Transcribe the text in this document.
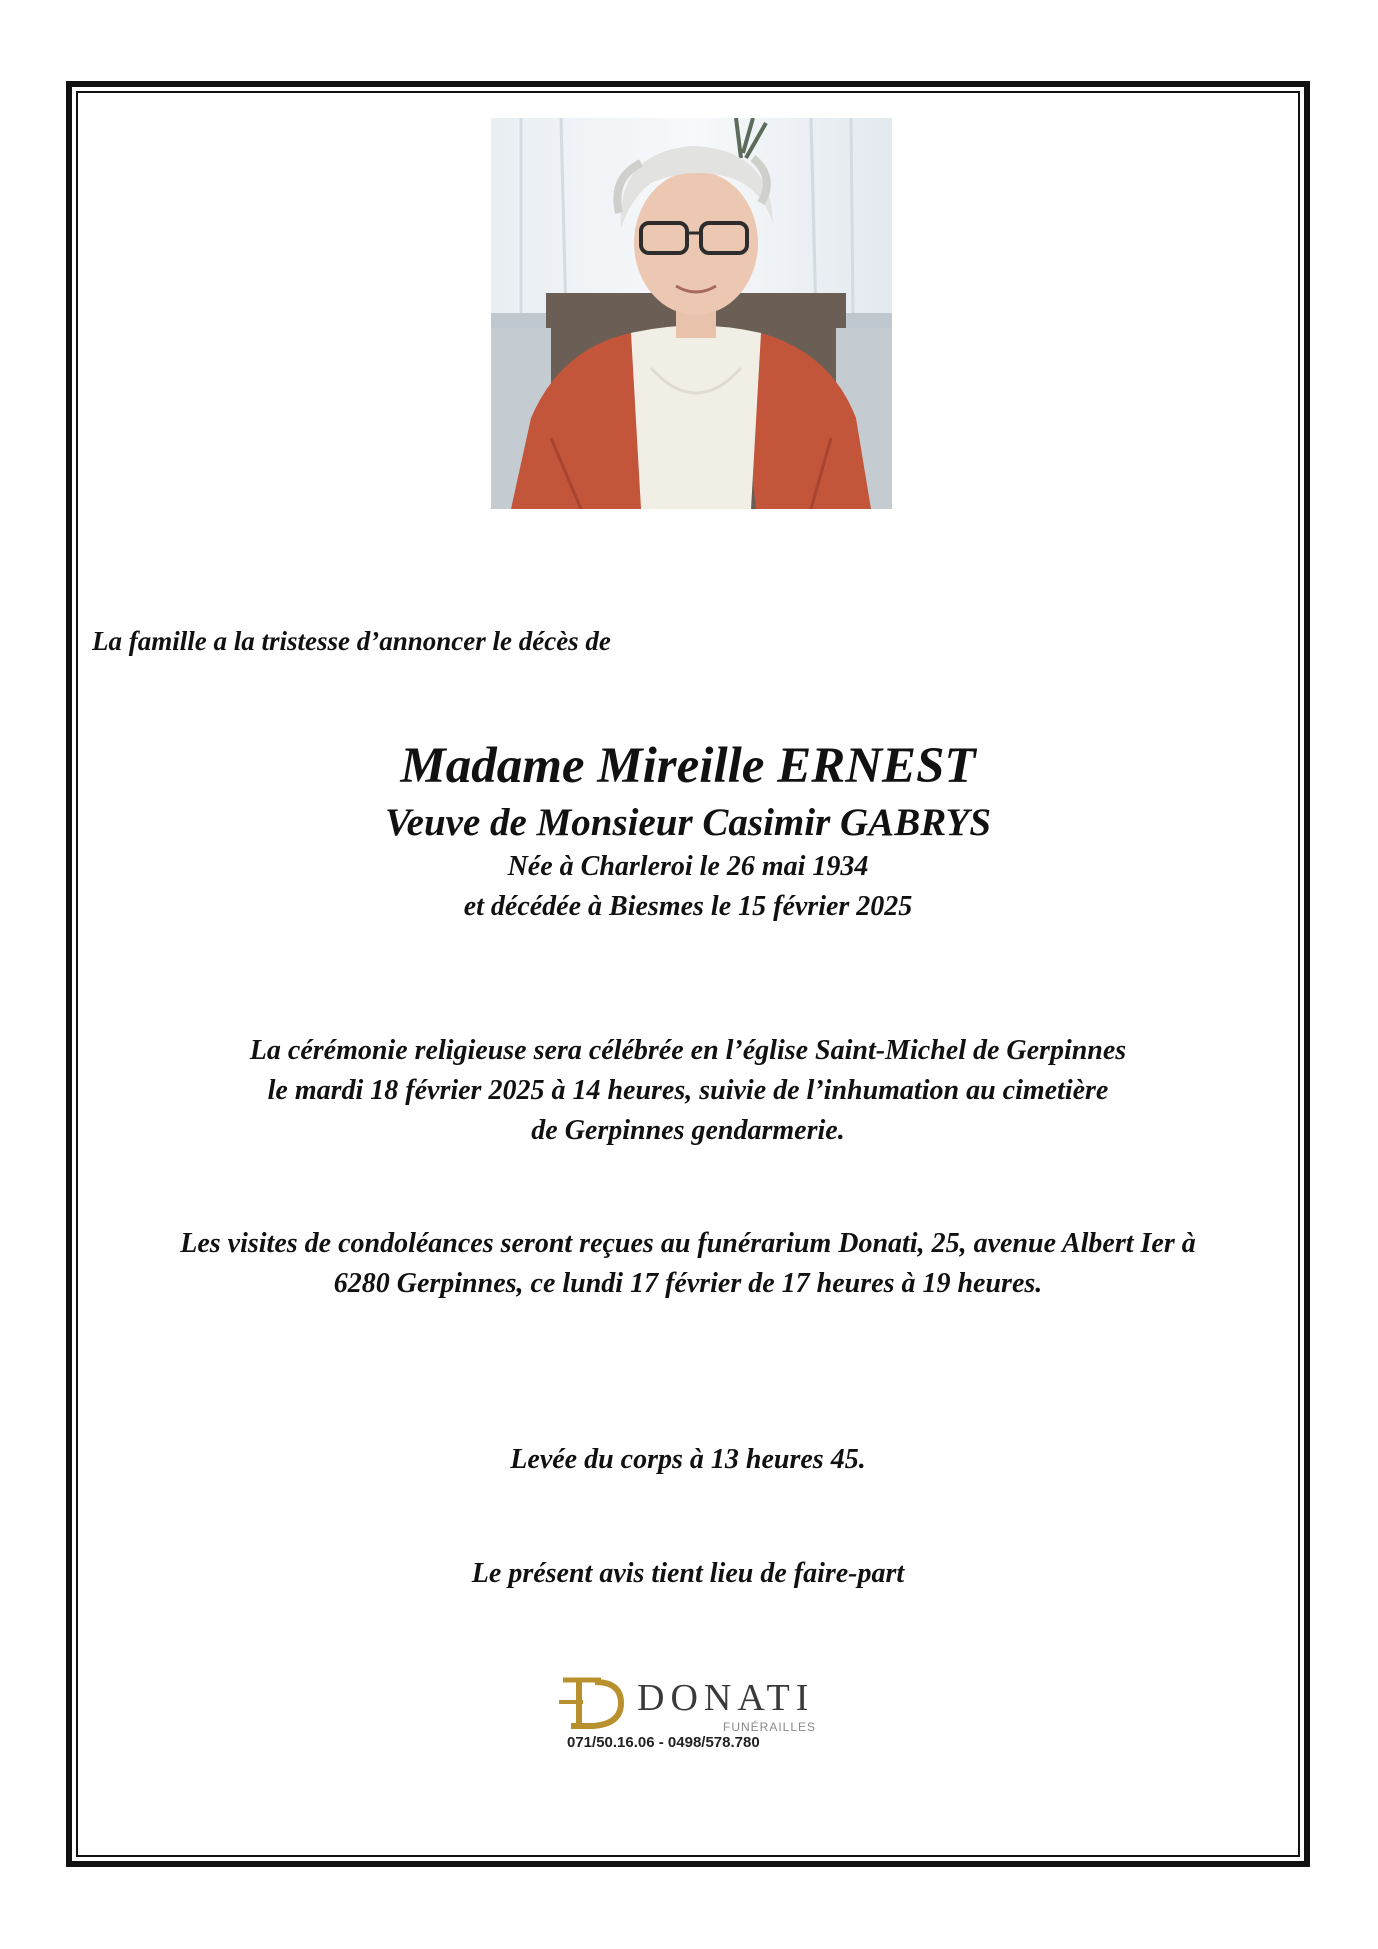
La famille a la tristesse d’annoncer le décès de
Madame Mireille ERNEST
Veuve de Monsieur Casimir GABRYS
Née à Charleroi le 26 mai 1934
et décédée à Biesmes le 15 février 2025
La cérémonie religieuse sera célébrée en l’église Saint-Michel de Gerpinnes
le mardi 18 février 2025 à 14 heures, suivie de l’inhumation au cimetière
de Gerpinnes gendarmerie.
Les visites de condoléances seront reçues au funérarium Donati, 25, avenue Albert Ier à
6280 Gerpinnes, ce lundi 17 février de 17 heures à 19 heures.
Levée du corps à 13 heures 45.
Le présent avis tient lieu de faire-part
DONATI
FUNÉRAILLES
071/50.16.06 - 0498/578.780
